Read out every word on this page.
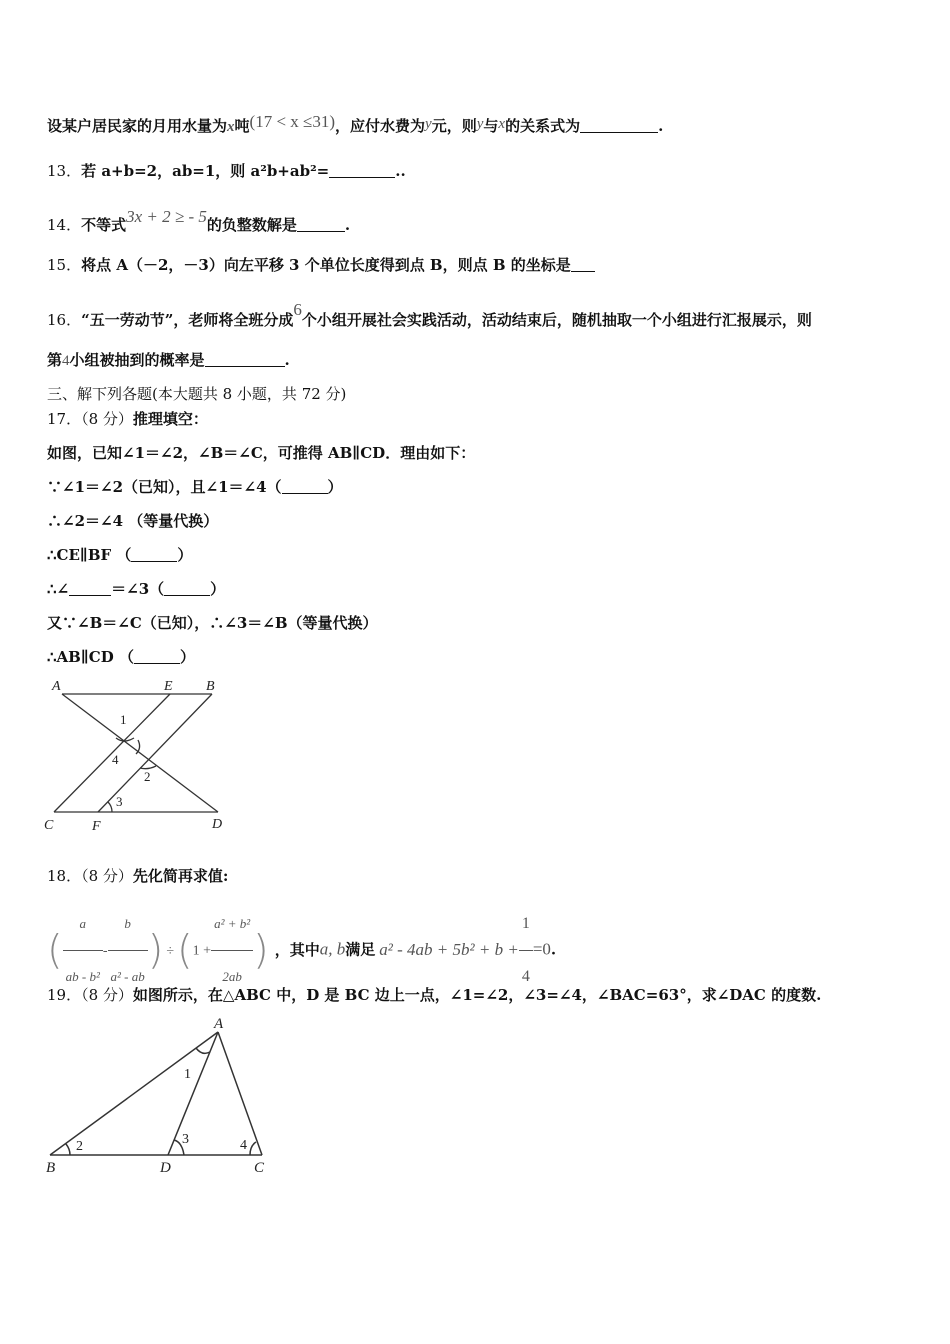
设某户居民家的月用水量为x吨(17 < x ≤31)，应付水费为y元，则y与x的关系式为	.
13．若 a+b=2，ab=1，则 a²b+ab²=	..
14．不等式3x + 2 ≥ - 5的负整数解是	.
15．将点 A（－2，－3）向左平移 3 个单位长度得到点 B，则点 B 的坐标是
16．“五一劳动节”，老师将全班分成6个小组开展社会实践活动，活动结束后，随机抽取一个小组进行汇报展示，则
第4小组被抽到的概率是	.
三、解下列各题(本大题共 8 小题，共 72 分)
17．（8 分）推理填空：
如图，已知∠1＝∠2，∠B＝∠C，可推得 AB∥CD．理由如下：
∵∠1＝∠2（已知），且∠1＝∠4（	）
∴∠2＝∠4 （等量代换）
∴CE∥BF （	）
∴∠	＝∠3（	）
又∵∠B＝∠C（已知），∴∠3＝∠B（等量代换）
∴AB∥CD （	）
A	E B
1
4
2
3
C	F	D
18．（8 分）先化简再求值:
( $\frac{a}{\text{ab - b²}} - \frac{b}{\text{a² - ab}}$ ) $\div(1 + \frac{\text{a² + b²}}{2ab}$ ) ，其中a, b满足 $a^2 - 4ab + 5b^2 + b + \frac{1}{4} =0$.
19．（8 分）如图所示，在△ABC 中，D 是 BC 边上一点，∠1=∠2，∠3=∠4，∠BAC=63°，求∠DAC 的度数.
A
1
2	3	4
B	D	C
